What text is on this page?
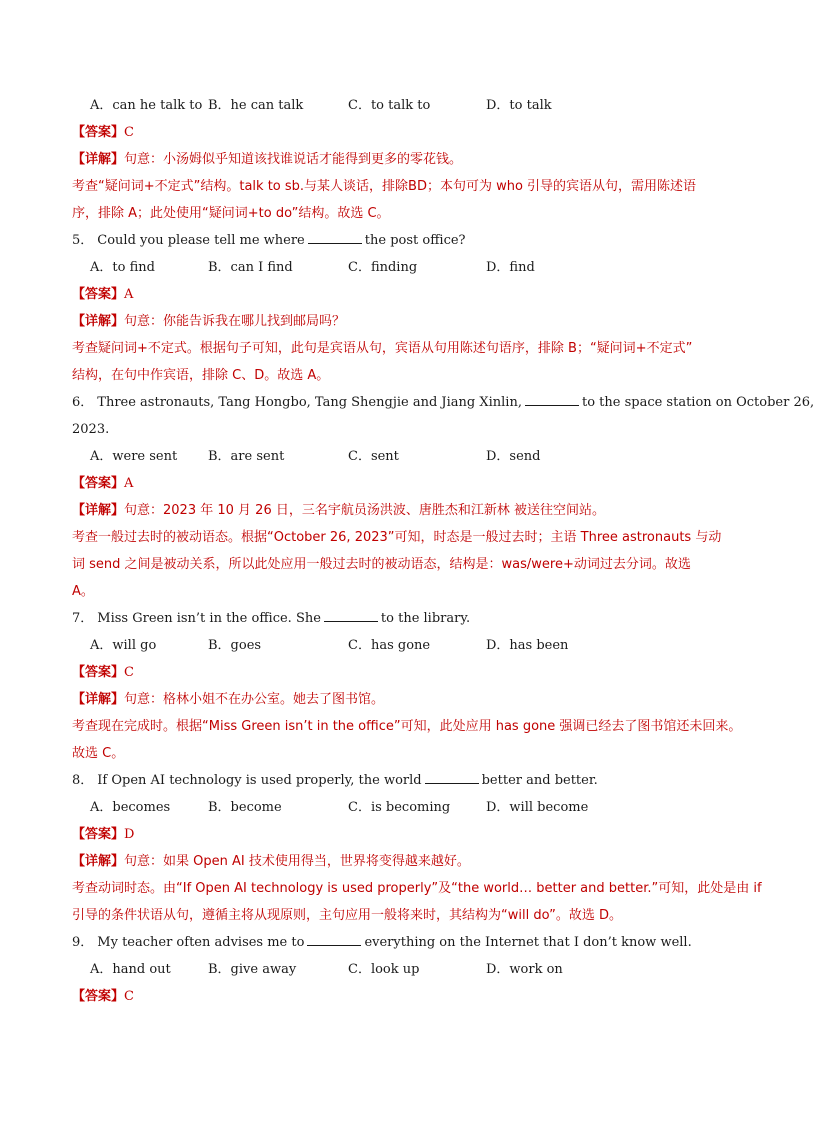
A．can he talk to B．he can talk	C．to talk to	D．to talk
【答案】C
【详解】句意：小汤姆似乎知道该找谁说话才能得到更多的零花钱。
考查“疑问词+不定式”结构。talk to sb.与某人谈话，排除BD；本句可为 who 引导的宾语从句，需用陈述语
序，排除 A；此处使用“疑问词+to do”结构。故选 C。
5． Could you please tell me where	the post office?
A．to find	B．can I find	C．finding	D．find
【答案】A
【详解】句意：你能告诉我在哪儿找到邮局吗？
考查疑问词+不定式。根据句子可知，此句是宾语从句，宾语从句用陈述句语序，排除 B；“疑问词+不定式”
结构，在句中作宾语，排除 C、D。故选 A。
6． Three astronauts, Tang Hongbo, Tang Shengjie and Jiang Xinlin,	to the space station on October 26,
2023.
A．were sent	B．are sent	C．sent	D．send
【答案】A
【详解】句意：2023 年 10 月 26 日，三名宇航员汤洪波、唐胜杰和江新林 被送往空间站。
考查一般过去时的被动语态。根据“October 26, 2023”可知，时态是一般过去时；主语 Three astronauts 与动
词 send 之间是被动关系，所以此处应用一般过去时的被动语态，结构是：was/were+动词过去分词。故选
A。
7． Miss Green isn’t in the office. She	to the library.
A．will go	B．goes	C．has gone	D．has been
【答案】C
【详解】句意：格林小姐不在办公室。她去了图书馆。
考查现在完成时。根据“Miss Green isn’t in the office”可知，此处应用 has gone 强调已经去了图书馆还未回来。
故选 C。
8． If Open AI technology is used properly, the world	better and better.
A．becomes	B．become	C．is becoming	D．will become
【答案】D
【详解】句意：如果 Open AI 技术使用得当，世界将变得越来越好。
考查动词时态。由“If Open AI technology is used properly”及“the world… better and better.”可知，此处是由 if
引导的条件状语从句，遵循主将从现原则，主句应用一般将来时，其结构为“will do”。故选 D。
9． My teacher often advises me to	everything on the Internet that I don’t know well.
A．hand out	B．give away	C．look up	D．work on
【答案】C
